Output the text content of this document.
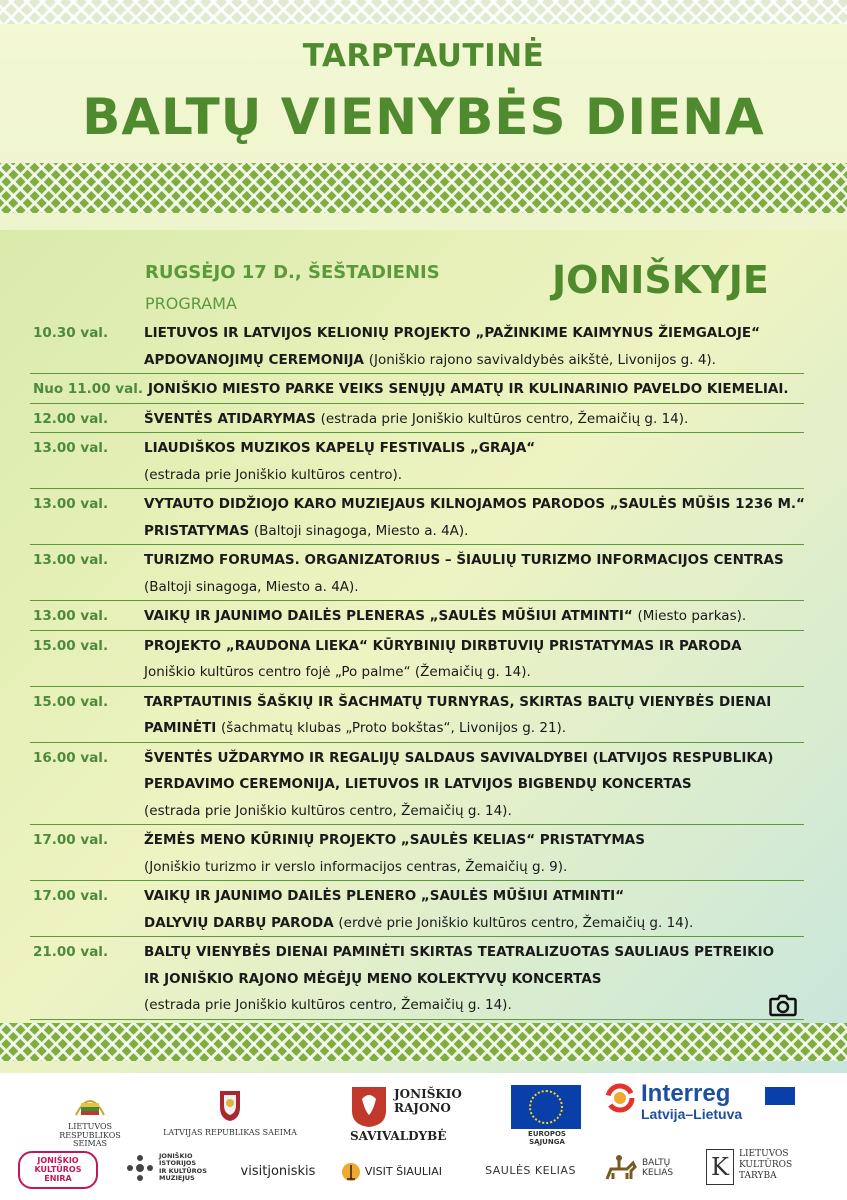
TARPTAUTINĖ
BALTŲ VIENYBĖS DIENA
RUGSĖJO 17 D., ŠEŠTADIENIS
PROGRAMA
JONIŠKYJE
10.30 val.	LIETUVOS IR LATVIJOS KELIONIŲ PROJEKTO „PAŽINKIME KAIMYNUS ŽIEMGALOJE“
APDOVANOJIMŲ CEREMONIJA (Joniškio rajono savivaldybės aikštė, Livonijos g. 4).
Nuo 11.00 val. JONIŠKIO MIESTO PARKE VEIKS SENŲJŲ AMATŲ IR KULINARINIO PAVELDO KIEMELIAI.
12.00 val.	ŠVENTĖS ATIDARYMAS (estrada prie Joniškio kultūros centro, Žemaičių g. 14).
13.00 val.	LIAUDIŠKOS MUZIKOS KAPELŲ FESTIVALIS „GRAJA“
(estrada prie Joniškio kultūros centro).
13.00 val.	VYTAUTO DIDŽIOJO KARO MUZIEJAUS KILNOJAMOS PARODOS „SAULĖS MŪŠIS 1236 M.“
PRISTATYMAS (Baltoji sinagoga, Miesto a. 4A).
13.00 val.	TURIZMO FORUMAS. ORGANIZATORIUS – ŠIAULIŲ TURIZMO INFORMACIJOS CENTRAS
(Baltoji sinagoga, Miesto a. 4A).
13.00 val.	VAIKŲ IR JAUNIMO DAILĖS PLENERAS „SAULĖS MŪŠIUI ATMINTI“ (Miesto parkas).
15.00 val.	PROJEKTO „RAUDONA LIEKA“ KŪRYBINIŲ DIRBTUVIŲ PRISTATYMAS IR PARODA
Joniškio kultūros centro fojė „Po palme“ (Žemaičių g. 14).
15.00 val.	TARPTAUTINIS ŠAŠKIŲ IR ŠACHMATŲ TURNYRAS, SKIRTAS BALTŲ VIENYBĖS DIENAI
PAMINĖTI (šachmatų klubas „Proto bokštas“, Livonijos g. 21).
16.00 val.	ŠVENTĖS UŽDARYMO IR REGALIJŲ SALDAUS SAVIVALDYBEI (LATVIJOS RESPUBLIKA)
PERDAVIMO CEREMONIJA, LIETUVOS IR LATVIJOS BIGBENDŲ KONCERTAS
(estrada prie Joniškio kultūros centro, Žemaičių g. 14).
17.00 val.	ŽEMĖS MENO KŪRINIŲ PROJEKTO „SAULĖS KELIAS“ PRISTATYMAS
(Joniškio turizmo ir verslo informacijos centras, Žemaičių g. 9).
17.00 val.	VAIKŲ IR JAUNIMO DAILĖS PLENERO „SAULĖS MŪŠIUI ATMINTI“
DALYVIŲ DARBŲ PARODA (erdvė prie Joniškio kultūros centro, Žemaičių g. 14).
21.00 val.	BALTŲ VIENYBĖS DIENAI PAMINĖTI SKIRTAS TEATRALIZUOTAS SAULIAUS PETREIKIO
IR JONIŠKIO RAJONO MĖGĖJŲ MENO KOLEKTYVŲ KONCERTAS
(estrada prie Joniškio kultūros centro, Žemaičių g. 14).
LIETUVOS RESPUBLIKOS
SEIMAS
LATVIJAS REPUBLIKAS SAEIMA
JONIŠKIO
RAJONO
SAVIVALDYBĖ	EUROPOS SĄJUNGA
Interreg
Latvija–Lietuva
JONIŠKIO KULTŪROS ENIRA
JONIŠKIO
ISTORIJOS
IR KULTŪROS
MUZIEJUS	visitjoniskis	VISIT ŠIAULIAI	SAULĖS KELIAS
BALTŲ
KELIAS	K	LIETUVOS
KULTŪROS
TARYBA
